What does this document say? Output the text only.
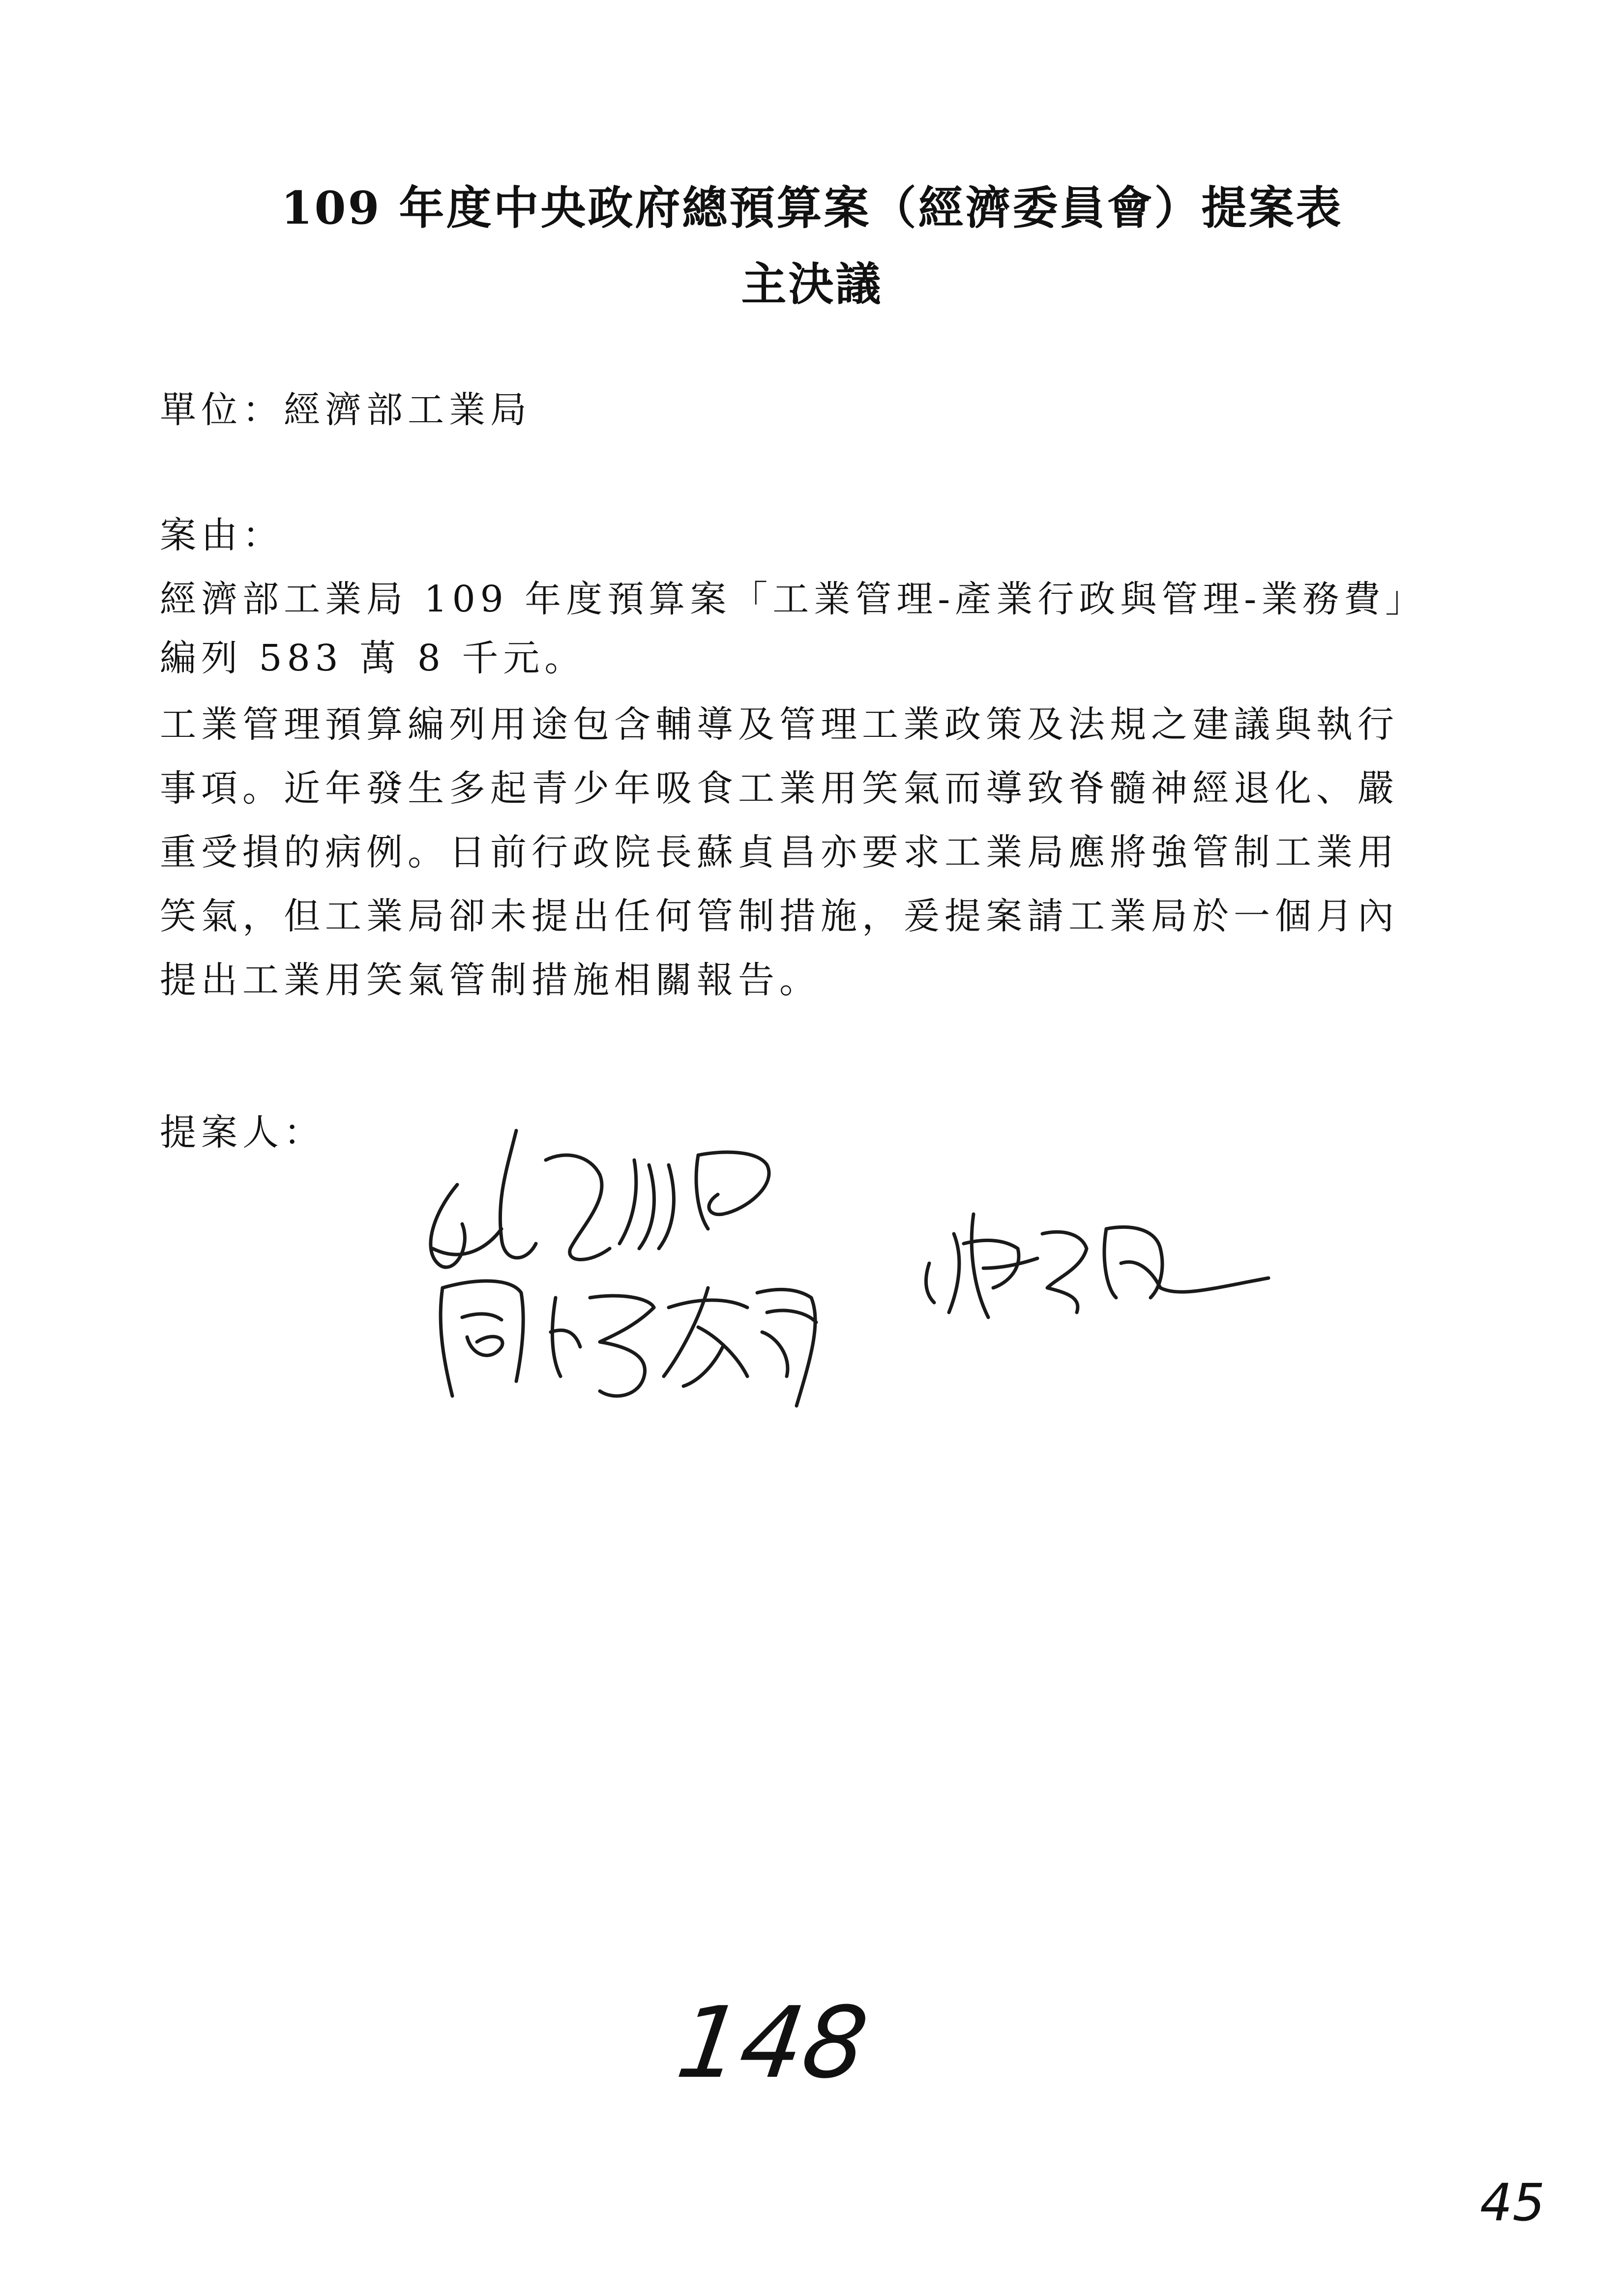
109 年度中央政府總預算案（經濟委員會）提案表
主決議
單位：經濟部工業局
案由：
經濟部工業局 109 年度預算案「工業管理-產業行政與管理-業務費」
編列 583 萬 8 千元。
工業管理預算編列用途包含輔導及管理工業政策及法規之建議與執行
事項。近年發生多起青少年吸食工業用笑氣而導致脊髓神經退化、嚴
重受損的病例。日前行政院長蘇貞昌亦要求工業局應將強管制工業用
笑氣，但工業局卻未提出任何管制措施，爰提案請工業局於一個月內
提出工業用笑氣管制措施相關報告。
提案人：
148
45
